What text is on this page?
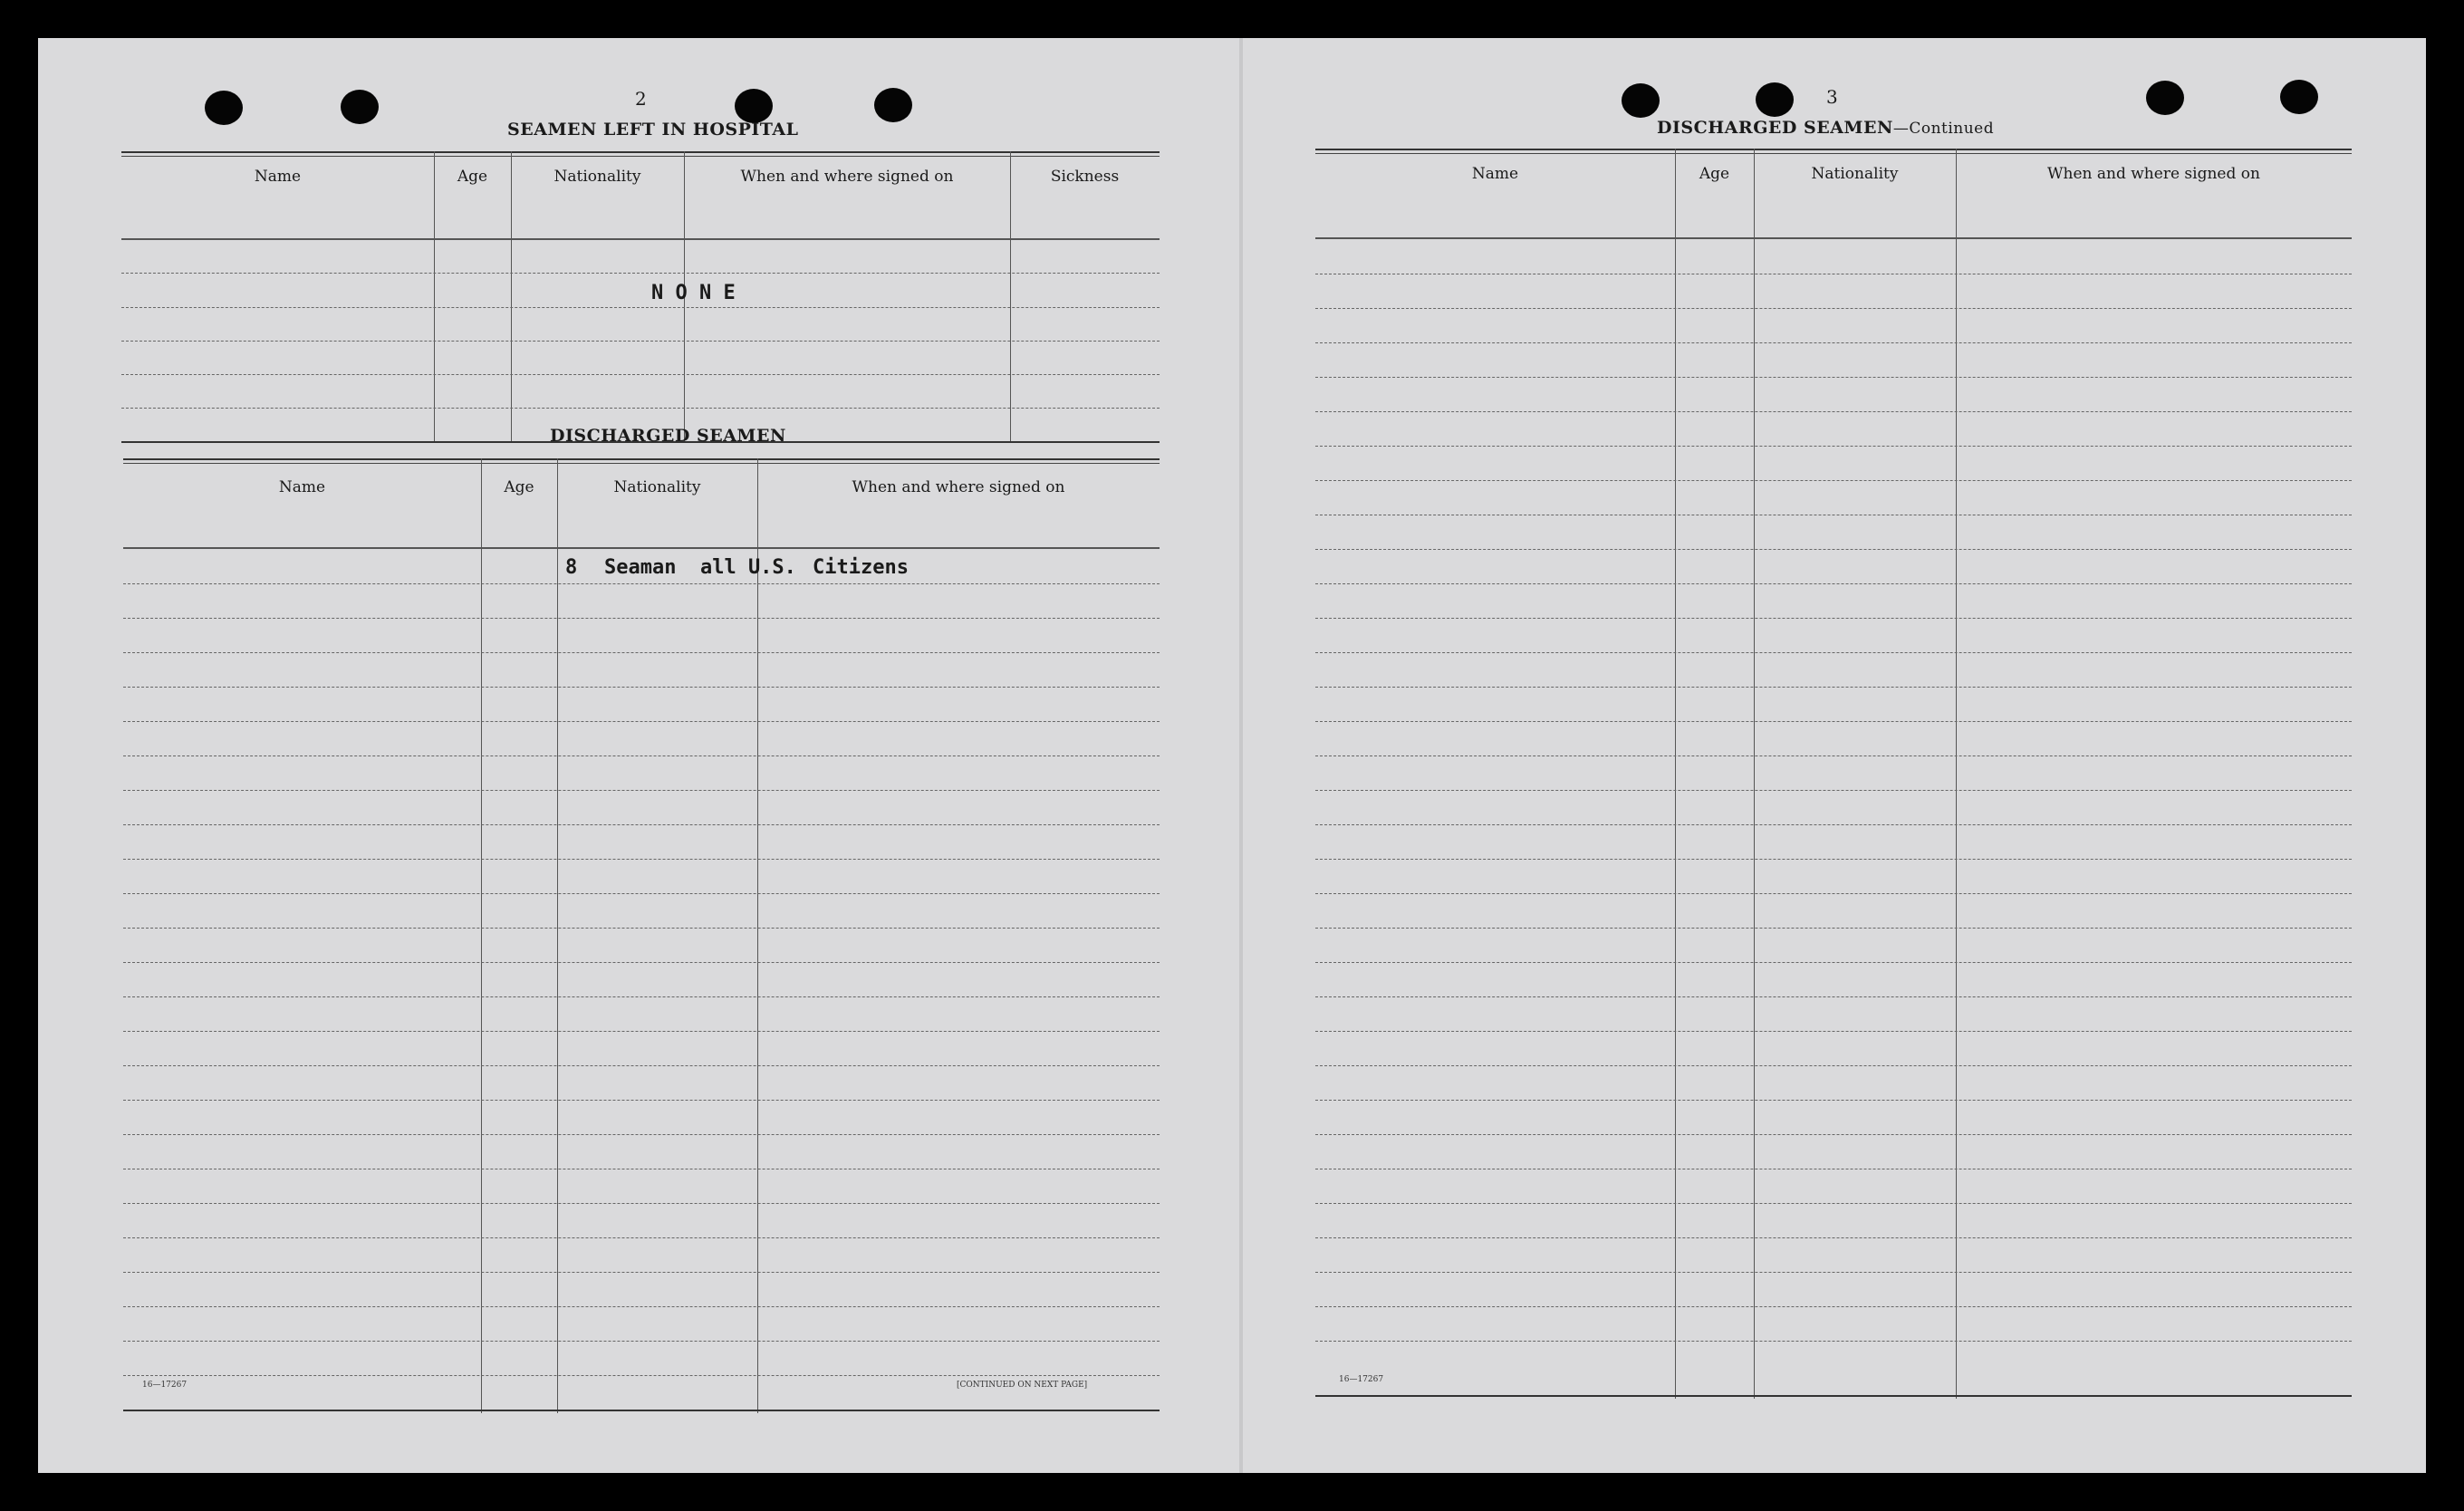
2
SEAMEN LEFT IN HOSPITAL
Name	Age	Nationality	When and where signed on	Sickness
N O N E
DISCHARGED SEAMEN
Name	Age	Nationality	When and where signed on
8 Seaman  all U.S. Citizens
16—17267	[CONTINUED ON NEXT PAGE]
3
DISCHARGED SEAMEN—Continued
Name	Age	Nationality	When and where signed on
16—17267
